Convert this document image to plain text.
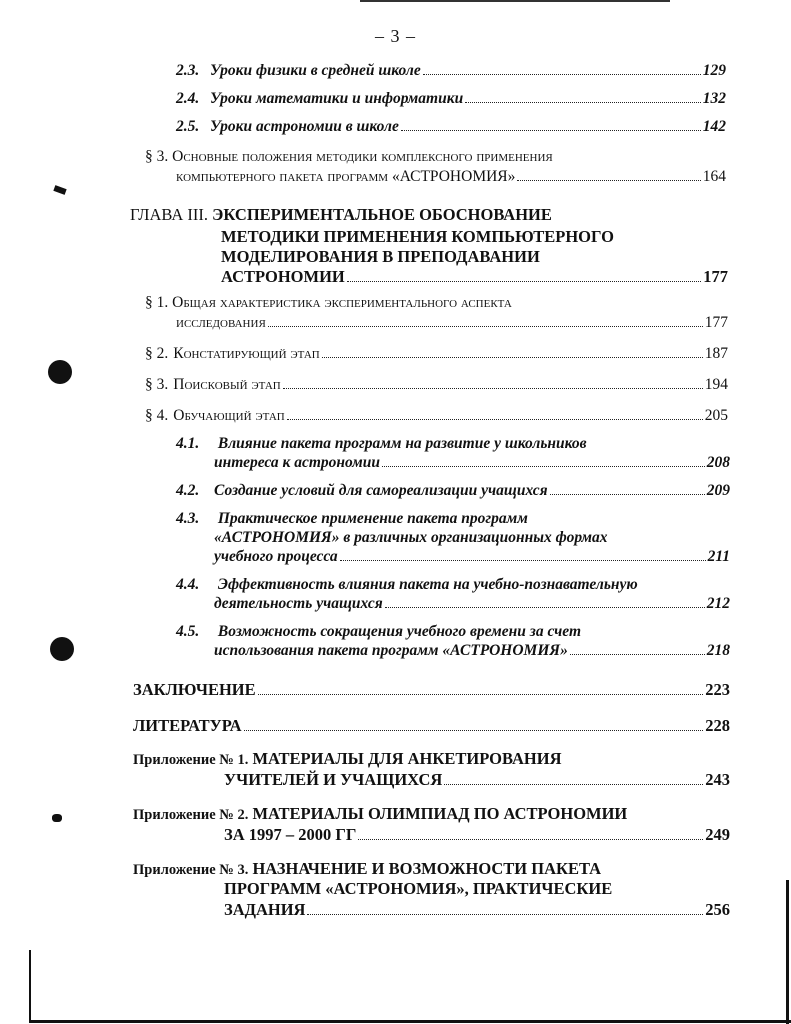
– 3 –
2.3. Уроки физики в средней школе	129
2.4. Уроки математики и информатики	132
2.5. Уроки астрономии в школе	142
§ 3. Основные положения методики комплексного применения
компьютерного пакета программ «АСТРОНОМИЯ»	164
ГЛАВА III. ЭКСПЕРИМЕНТАЛЬНОЕ ОБОСНОВАНИЕ
МЕТОДИКИ ПРИМЕНЕНИЯ КОМПЬЮТЕРНОГО
МОДЕЛИРОВАНИЯ В ПРЕПОДАВАНИИ
АСТРОНОМИИ	177
§ 1. Общая характеристика экспериментального аспекта
исследования	177
§ 2. Констатирующий этап	187
§ 3. Поисковый этап	194
§ 4. Обучающий этап	205
4.1. Влияние пакета программ на развитие у школьников
интереса к астрономии	208
4.2. Создание условий для самореализации учащихся	209
4.3. Практическое применение пакета программ
«АСТРОНОМИЯ» в различных организационных формах
учебного процесса	211
4.4. Эффективность влияния пакета на учебно-познавательную
деятельность учащихся	212
4.5. Возможность сокращения учебного времени за счет
использования пакета программ «АСТРОНОМИЯ»	218
ЗАКЛЮЧЕНИЕ	223
ЛИТЕРАТУРА	228
Приложение № 1. МАТЕРИАЛЫ ДЛЯ АНКЕТИРОВАНИЯ
УЧИТЕЛЕЙ И УЧАЩИХСЯ	243
Приложение № 2. МАТЕРИАЛЫ ОЛИМПИАД ПО АСТРОНОМИИ
ЗА 1997 – 2000 ГГ	249
Приложение № 3. НАЗНАЧЕНИЕ И ВОЗМОЖНОСТИ ПАКЕТА
ПРОГРАММ «АСТРОНОМИЯ», ПРАКТИЧЕСКИЕ
ЗАДАНИЯ	256
